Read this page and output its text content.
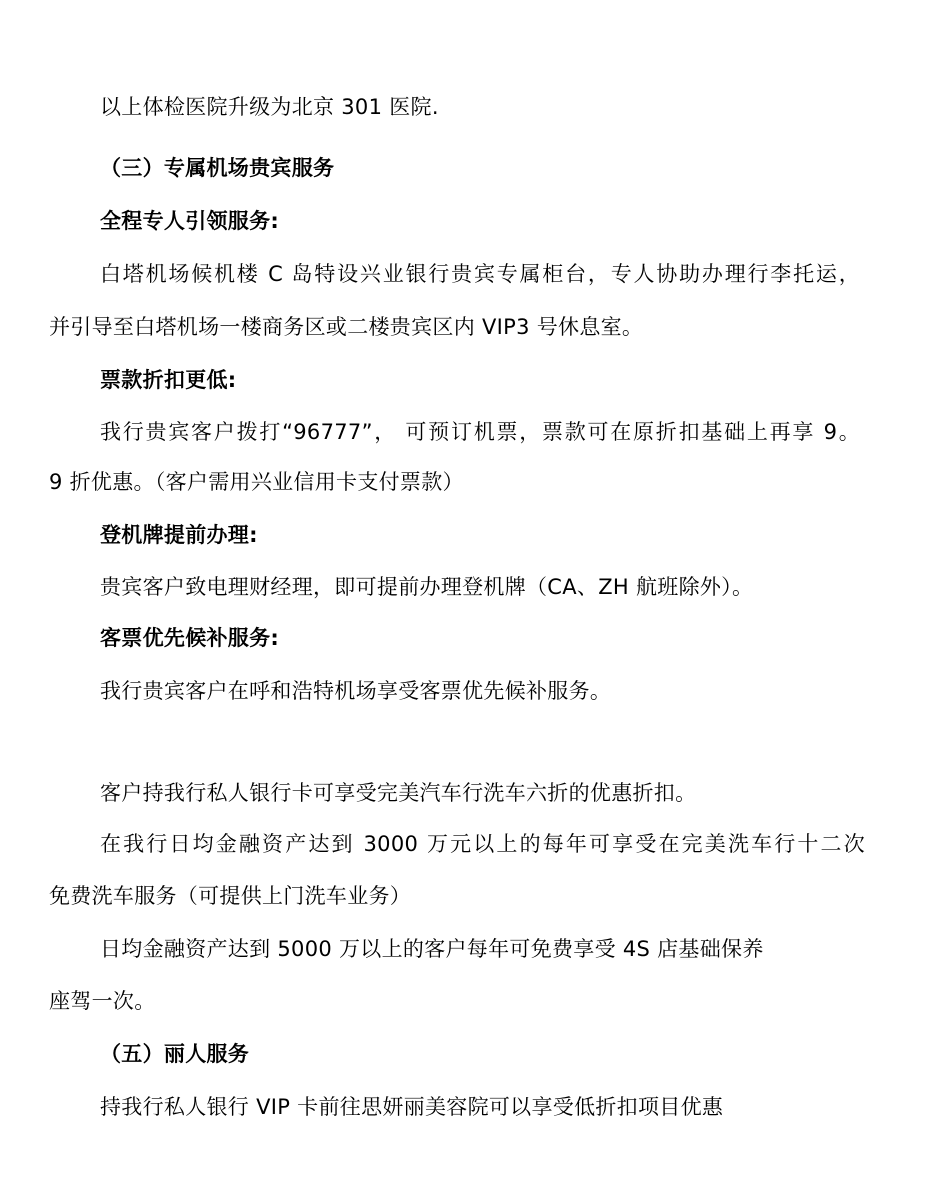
以上体检医院升级为北京 301 医院.
（三）专属机场贵宾服务
全程专人引领服务:
白塔机场候机楼 C 岛特设兴业银行贵宾专属柜台，专人协助办理行李托运，
并引导至白塔机场一楼商务区或二楼贵宾区内 VIP3 号休息室。
票款折扣更低:
我行贵宾客户拨打“96777”， 可预订机票，票款可在原折扣基础上再享 9。
9 折优惠。（客户需用兴业信用卡支付票款）
登机牌提前办理:
贵宾客户致电理财经理，即可提前办理登机牌（CA、ZH 航班除外）。
客票优先候补服务:
我行贵宾客户在呼和浩特机场享受客票优先候补服务。
客户持我行私人银行卡可享受完美汽车行洗车六折的优惠折扣。
在我行日均金融资产达到 3000 万元以上的每年可享受在完美洗车行十二次
免费洗车服务（可提供上门洗车业务）
日均金融资产达到 5000 万以上的客户每年可免费享受 4S 店基础保养
座驾一次。
（五）丽人服务
持我行私人银行 VIP 卡前往思妍丽美容院可以享受低折扣项目优惠
